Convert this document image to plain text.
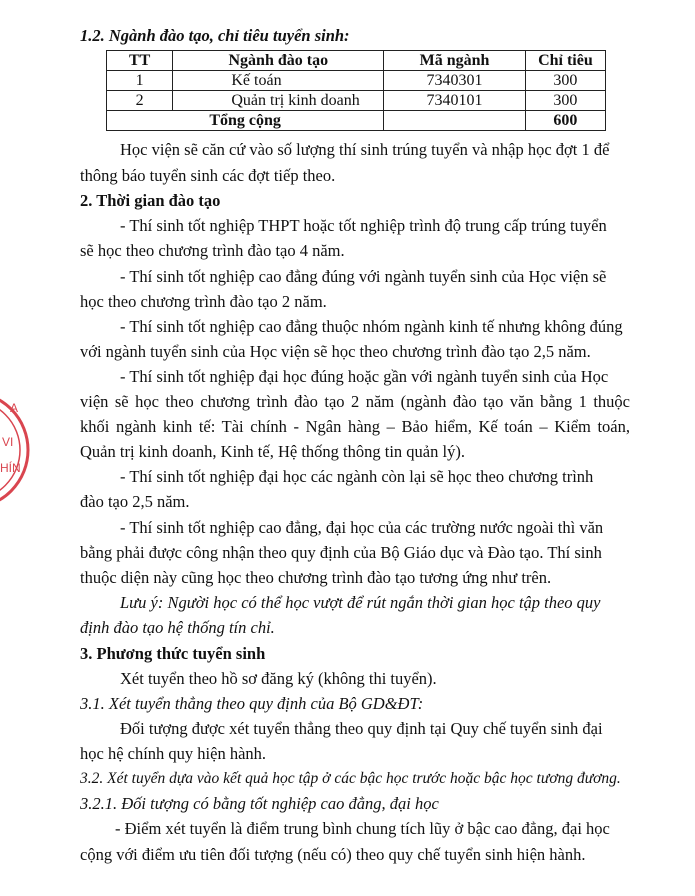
1.2. Ngành đào tạo, chỉ tiêu tuyển sinh:
TT	Ngành đào tạo	Mã ngành	Chỉ tiêu
1	Kế toán	7340301	300
2	Quản trị kinh doanh	7340101	300
Tổng cộng			600
Học viện sẽ căn cứ vào số lượng thí sinh trúng tuyển và nhập học đợt 1 để
thông báo tuyển sinh các đợt tiếp theo.
2. Thời gian đào tạo
- Thí sinh tốt nghiệp THPT hoặc tốt nghiệp trình độ trung cấp trúng tuyển
sẽ học theo chương trình đào tạo 4 năm.
- Thí sinh tốt nghiệp cao đẳng đúng với ngành tuyển sinh của Học viện sẽ
học theo chương trình đào tạo 2 năm.
- Thí sinh tốt nghiệp cao đẳng thuộc nhóm ngành kinh tế nhưng không đúng
với ngành tuyển sinh của Học viện sẽ học theo chương trình đào tạo 2,5 năm.
- Thí sinh tốt nghiệp đại học đúng hoặc gần với ngành tuyển sinh của Học
viện sẽ học theo chương trình đào tạo 2 năm (ngành đào tạo văn bằng 1 thuộc
khối ngành kinh tế: Tài chính - Ngân hàng – Bảo hiểm, Kế toán – Kiểm toán,
Quản trị kinh doanh, Kinh tế, Hệ thống thông tin quản lý).
- Thí sinh tốt nghiệp đại học các ngành còn lại sẽ học theo chương trình
đào tạo 2,5 năm.
- Thí sinh tốt nghiệp cao đẳng, đại học của các trường nước ngoài thì văn
bằng phải được công nhận theo quy định của Bộ Giáo dục và Đào tạo. Thí sinh
thuộc diện này cũng học theo chương trình đào tạo tương ứng như trên.
Lưu ý: Người học có thể học vượt để rút ngắn thời gian học tập theo quy
định đào tạo hệ thống tín chỉ.
3. Phương thức tuyển sinh
Xét tuyển theo hồ sơ đăng ký (không thi tuyển).
3.1. Xét tuyển thẳng theo quy định của Bộ GD&ĐT:
Đối tượng được xét tuyển thẳng theo quy định tại Quy chế tuyển sinh đại
học hệ chính quy hiện hành.
3.2. Xét tuyển dựa vào kết quả học tập ở các bậc học trước hoặc bậc học tương đương.
3.2.1. Đối tượng có bằng tốt nghiệp cao đẳng, đại học
- Điểm xét tuyển là điểm trung bình chung tích lũy ở bậc cao đẳng, đại học
cộng với điểm ưu tiên đối tượng (nếu có) theo quy chế tuyển sinh hiện hành.
A
VI
HÍN
